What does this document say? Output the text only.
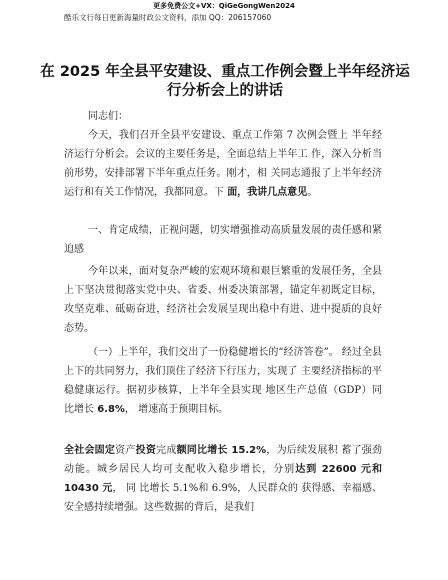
更多免费公文+VX：QiGeGongWen2024
酷乐文行每日更新海量时政公文资料，添加 QQ：206157060
在 2025 年全县平安建设、重点工作例会暨上半年经济运行分析会上的讲话

同志们：

今天，我们召开全县平安建设、重点工作第 7 次例会暨上 半年经济运行分析会。会议的主要任务是，全面总结上半年工 作，深入分析当前形势，安排部署下半年重点任务。刚才，相 关同志通报了上半年经济运行和有关工作情况，我都同意。下 面，我讲几点意见。

一、肯定成绩，正视问题，切实增强推动高质量发展的责任感和紧迫感

今年以来，面对复杂严峻的宏观环境和艰巨繁重的发展任务，全县上下坚决贯彻落实党中央、省委、州委决策部署，锚定年初既定目标，攻坚克难、砥砺奋进，经济社会发展呈现出稳中有进、进中提质的良好态势。

（一）上半年，我们交出了一份稳健增长的“经济答卷”。 经过全县上下的共同努力，我们顶住了经济下行压力，实现了 主要经济指标的平稳健康运行。据初步核算，上半年全县实现 地区生产总值（GDP）同 比增长 6.8%， 增速高于预期目标。

全社会固定资产投资完成额同比增长 15.2%，为后续发展积 蓄了强劲动能。城乡居民人均可支配收入稳步增长，分别达到 22600 元和 10430 元， 同 比增长 5.1%和 6.9%，人民群众的 获得感、幸福感、安全感持续增强。这些数据的背后，是我们
